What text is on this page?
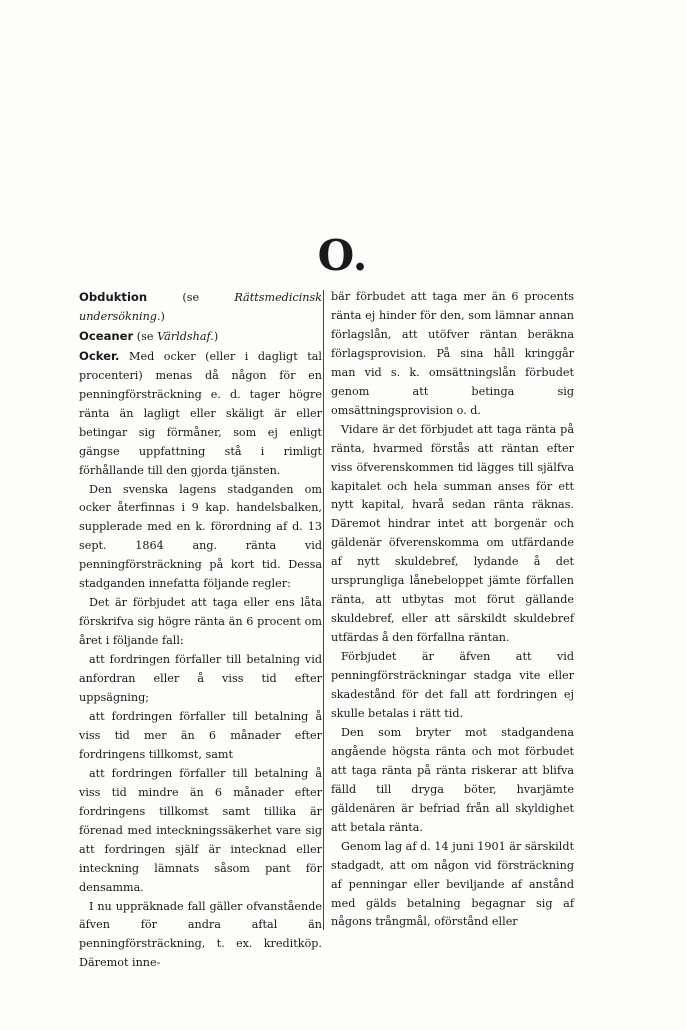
O.

Obduktion (se Rättsmedicinsk undersökning.)

Oceaner (se Världshaf.)

Ocker. Med ocker (eller i dagligt tal procenteri) menas då någon för en penningförsträckning e. d. tager högre ränta än lagligt eller skäligt är eller betingar sig förmåner, som ej enligt gängse uppfattning stå i rimligt förhållande till den gjorda tjänsten.

Den svenska lagens stadganden om ocker återfinnas i 9 kap. handelsbalken, supplerade med en k. förordning af d. 13 sept. 1864 ang. ränta vid penningförsträckning på kort tid. Dessa stadganden innefatta följande regler:

Det är förbjudet att taga eller ens låta förskrifva sig högre ränta än 6 procent om året i följande fall:

att fordringen förfaller till betalning vid anfordran eller å viss tid efter uppsägning;

att fordringen förfaller till betalning å viss tid mer än 6 månader efter fordringens tillkomst, samt

att fordringen förfaller till betalning å viss tid mindre än 6 månader efter fordringens tillkomst samt tillika är förenad med inteckningssäkerhet vare sig att fordringen själf är intecknad eller inteckning lämnats såsom pant för densamma.

I nu uppräknade fall gäller ofvanstående äfven för andra aftal än penningförsträckning, t. ex. kreditköp. Däremot inne-

bär förbudet att taga mer än 6 procents ränta ej hinder för den, som lämnar annan förlagslån, att utöfver räntan beräkna förlagsprovision. På sina håll kringgår man vid s. k. omsättningslån förbudet genom att betinga sig omsättningsprovision o. d.

Vidare är det förbjudet att taga ränta på ränta, hvarmed förstås att räntan efter viss öfverenskommen tid lägges till själfva kapitalet och hela summan anses för ett nytt kapital, hvarå sedan ränta räknas. Däremot hindrar intet att borgenär och gäldenär öfverenskomma om utfärdande af nytt skuldebref, lydande å det ursprungliga lånebeloppet jämte förfallen ränta, att utbytas mot förut gällande skuldebref, eller att särskildt skuldebref utfärdas å den förfallna räntan.

Förbjudet är äfven att vid penningförsträckningar stadga vite eller skadestånd för det fall att fordringen ej skulle betalas i rätt tid.

Den som bryter mot stadgandena angående högsta ränta och mot förbudet att taga ränta på ränta riskerar att blifva fälld till dryga böter, hvarjämte gäldenären är befriad från all skyldighet att betala ränta.

Genom lag af d. 14 juni 1901 är särskildt stadgadt, att om någon vid försträckning af penningar eller beviljande af anstånd med gälds betalning begagnar sig af någons trångmål, oförstånd eller
